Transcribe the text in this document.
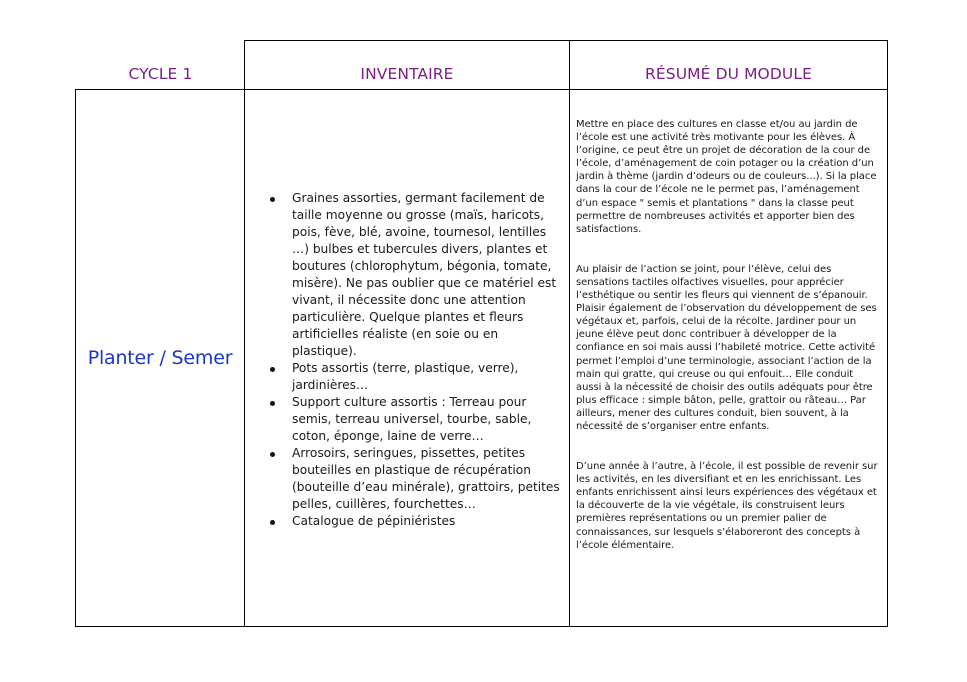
CYCLE 1	INVENTAIRE	RÉSUMÉ DU MODULE
Planter / Semer
Graines assorties, germant facilement de taille moyenne ou grosse (maïs, haricots, pois, fève, blé, avoine, tournesol, lentilles …) bulbes et tubercules divers, plantes et boutures (chlorophytum, bégonia, tomate, misère). Ne pas oublier que ce matériel est vivant, il nécessite donc une attention particulière. Quelque plantes et fleurs artificielles réaliste (en soie ou en plastique).
Pots assortis (terre, plastique, verre), jardinières…
Support culture assortis : Terreau pour semis, terreau universel, tourbe, sable, coton, éponge, laine de verre…
Arrosoirs, seringues, pissettes, petites bouteilles en plastique de récupération (bouteille d’eau minérale), grattoirs, petites pelles, cuillères, fourchettes…
Catalogue de pépiniéristes

Mettre en place des cultures en classe et/ou au jardin de l’école est une activité très motivante pour les élèves. À l’origine, ce peut être un projet de décoration de la cour de l’école, d’aménagement de coin potager ou la création d’un jardin à thème (jardin d’odeurs ou de couleurs...). Si la place dans la cour de l’école ne le permet pas, l’aménagement d’un espace " semis et plantations " dans la classe peut permettre de nombreuses activités et apporter bien des satisfactions.

Au plaisir de l’action se joint, pour l’élève, celui des sensations tactiles olfactives visuelles, pour apprécier l’esthétique ou sentir les fleurs qui viennent de s’épanouir. Plaisir également de l’observation du développement de ses végétaux et, parfois, celui de la récolte. Jardiner pour un jeune élève peut donc contribuer à développer de la confiance en soi mais aussi l’habileté motrice. Cette activité permet l’emploi d’une terminologie, associant l’action de la main qui gratte, qui creuse ou qui enfouit… Elle conduit aussi à la nécessité de choisir des outils adéquats pour être plus efficace : simple bâton, pelle, grattoir ou râteau… Par ailleurs, mener des cultures conduit, bien souvent, à la nécessité de s’organiser entre enfants.

D’une année à l’autre, à l’école, il est possible de revenir sur les activités, en les diversifiant et en les enrichissant. Les enfants enrichissent ainsi leurs expériences des végétaux et la découverte de la vie végétale, ils construisent leurs premières représentations ou un premier palier de connaissances, sur lesquels s’élaboreront des concepts à l’école élémentaire.
